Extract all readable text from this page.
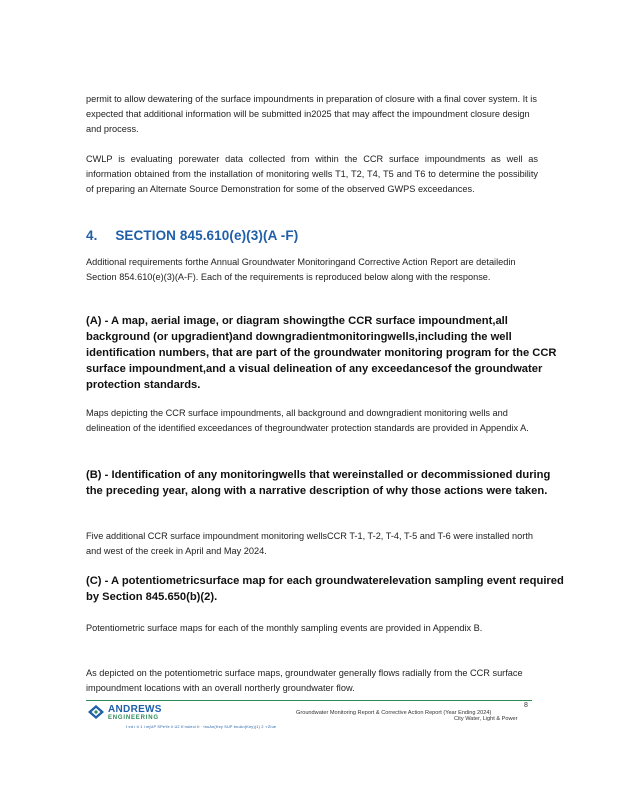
permit to allow dewatering of the surface impoundments in preparation of closure with a final cover system. It is expected that additional information will be submitted in2025 that may affect the impoundment closure design and process.
CWLP is evaluating porewater data collected from within the CCR surface impoundments as well as information obtained from the installation of monitoring wells T1, T2, T4, T5 and T6 to determine the possibility of preparing an Alternate Source Demonstration for some of the observed GWPS exceedances.
4. SECTION 845.610(e)(3)(A -F)
Additional requirements forthe Annual Groundwater Monitoringand Corrective Action Report are detailedin Section 854.610(e)(3)(A-F). Each of the requirements is reproduced below along with the response.
(A) - A map, aerial image, or diagram showingthe CCR surface impoundment,all background (or upgradient)and downgradientmonitoringwells,including the well identification numbers, that are part of the groundwater monitoring program for the CCR surface impoundment,and a visual delineation of any exceedancesof the groundwater protection standards.
Maps depicting the CCR surface impoundments, all background and downgradient monitoring wells and delineation of the identified exceedances of thegroundwater protection standards are provided in Appendix A.
(B) - Identification of any monitoringwells that wereinstalled or decommissioned during the preceding year, along with a narrative description of why those actions were taken.
Five additional CCR surface impoundment monitoring wellsCCR T-1, T-2, T-4, T-5 and T-6 were installed north and west of the creek in April and May 2024.
(C) - A potentiometricsurface map for each groundwaterelevation sampling event required by Section 845.650(b)(2).
Potentiometric surface maps for each of the monthly sampling events are provided in Appendix B.
As depicted on the potentiometric surface maps, groundwater generally flows radially from the CCR surface impoundment locations with an overall northerly groundwater flow.
ANDREWS
ENGINEERING
8
Groundwater Monitoring Report & Corrective Action Report (Year Ending 2024)
City Water, Light & Power
f ed i ti 1 i mjUP SPeYe ii U2 K'nulect tl · tnuAn(Key SUP tnuAn(Key)(1) 2 ·rZIue
